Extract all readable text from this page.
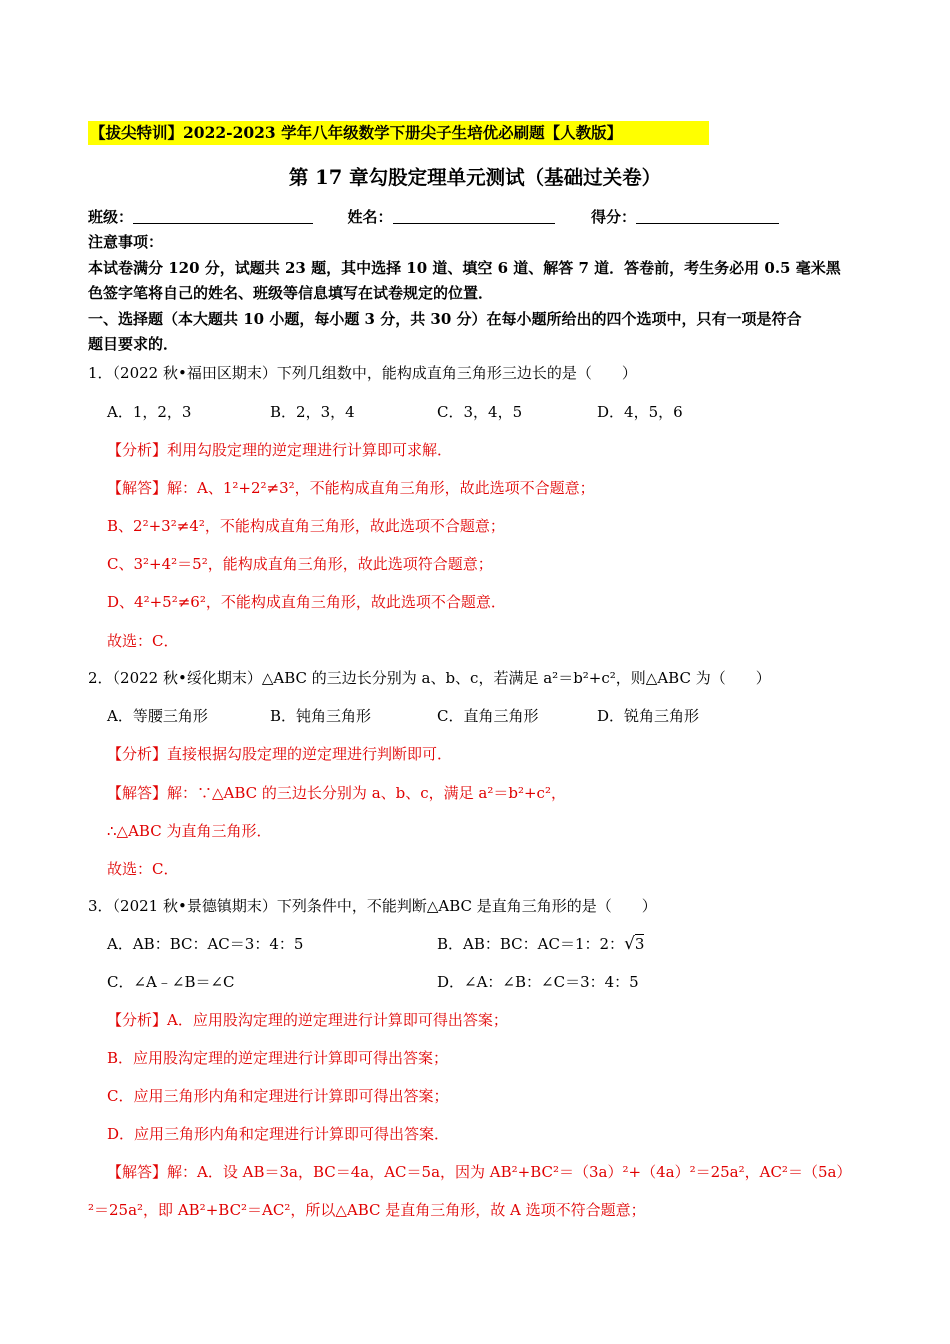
【拔尖特训】2022-2023 学年八年级数学下册尖子生培优必刷题【人教版】
第 17 章勾股定理单元测试（基础过关卷）
班级：	姓名：	得分：
注意事项：
本试卷满分 120 分，试题共 23 题，其中选择 10 道、填空 6 道、解答 7 道．答卷前，考生务必用 0.5 毫米黑
色签字笔将自己的姓名、班级等信息填写在试卷规定的位置．
一、选择题（本大题共 10 小题，每小题 3 分，共 30 分）在每小题所给出的四个选项中，只有一项是符合
题目要求的．
1．（2022 秋•福田区期末）下列几组数中，能构成直角三角形三边长的是（　　）
A．1，2，3	B．2，3，4	C．3，4，5	D．4，5，6
【分析】利用勾股定理的逆定理进行计算即可求解．
【解答】解：A、1²+2²≠3²，不能构成直角三角形，故此选项不合题意；
B、2²+3²≠4²，不能构成直角三角形，故此选项不合题意；
C、3²+4²＝5²，能构成直角三角形，故此选项符合题意；
D、4²+5²≠6²，不能构成直角三角形，故此选项不合题意．
故选：C．
2．（2022 秋•绥化期末）△ABC 的三边长分别为 a、b、c，若满足 a²＝b²+c²，则△ABC 为（　　）
A．等腰三角形	B．钝角三角形	C．直角三角形	D．锐角三角形
【分析】直接根据勾股定理的逆定理进行判断即可．
【解答】解：∵△ABC 的三边长分别为 a、b、c，满足 a²＝b²+c²，
∴△ABC 为直角三角形．
故选：C．
3．（2021 秋•景德镇期末）下列条件中，不能判断△ABC 是直角三角形的是（　　）
A．AB：BC：AC＝3：4：5	B．AB：BC：AC＝1：2：√3
C．∠A﹣∠B＝∠C	D．∠A：∠B：∠C＝3：4：5
【分析】A．应用股沟定理的逆定理进行计算即可得出答案；
B．应用股沟定理的逆定理进行计算即可得出答案；
C．应用三角形内角和定理进行计算即可得出答案；
D．应用三角形内角和定理进行计算即可得出答案．
【解答】解：A．设 AB＝3a，BC＝4a，AC＝5a，因为 AB²+BC²＝（3a）²+（4a）²＝25a²，AC²＝（5a）
²＝25a²，即 AB²+BC²＝AC²，所以△ABC 是直角三角形，故 A 选项不符合题意；
